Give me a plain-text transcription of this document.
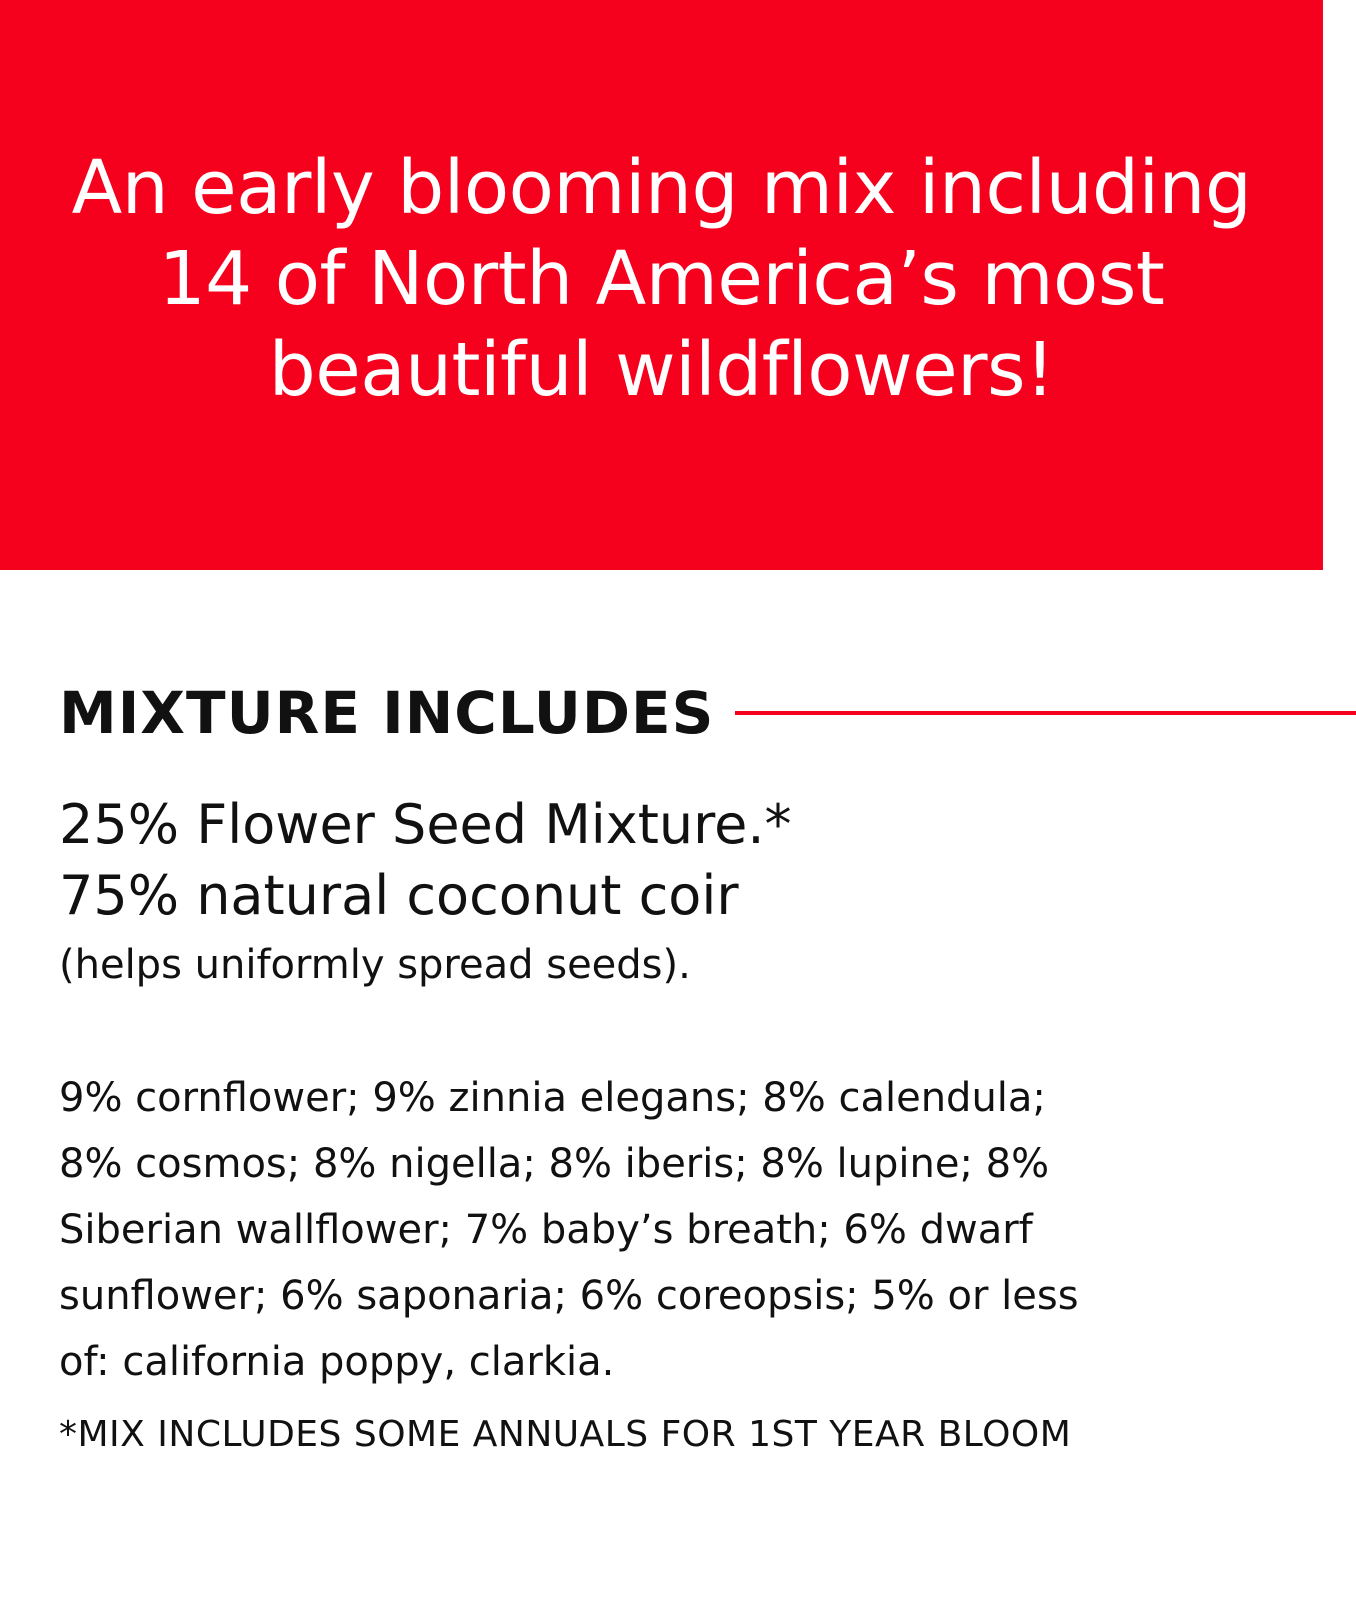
An early blooming mix including
14 of North America’s most
beautiful wildflowers!
MIXTURE INCLUDES
25% Flower Seed Mixture.*
75% natural coconut coir
(helps uniformly spread seeds).
9% cornflower; 9% zinnia elegans; 8% calendula;
8% cosmos; 8% nigella; 8% iberis; 8% lupine; 8%
Siberian wallflower; 7% baby’s breath; 6% dwarf
sunflower; 6% saponaria; 6% coreopsis; 5% or less
of: california poppy, clarkia.
*MIX INCLUDES SOME ANNUALS FOR 1ST YEAR BLOOM
